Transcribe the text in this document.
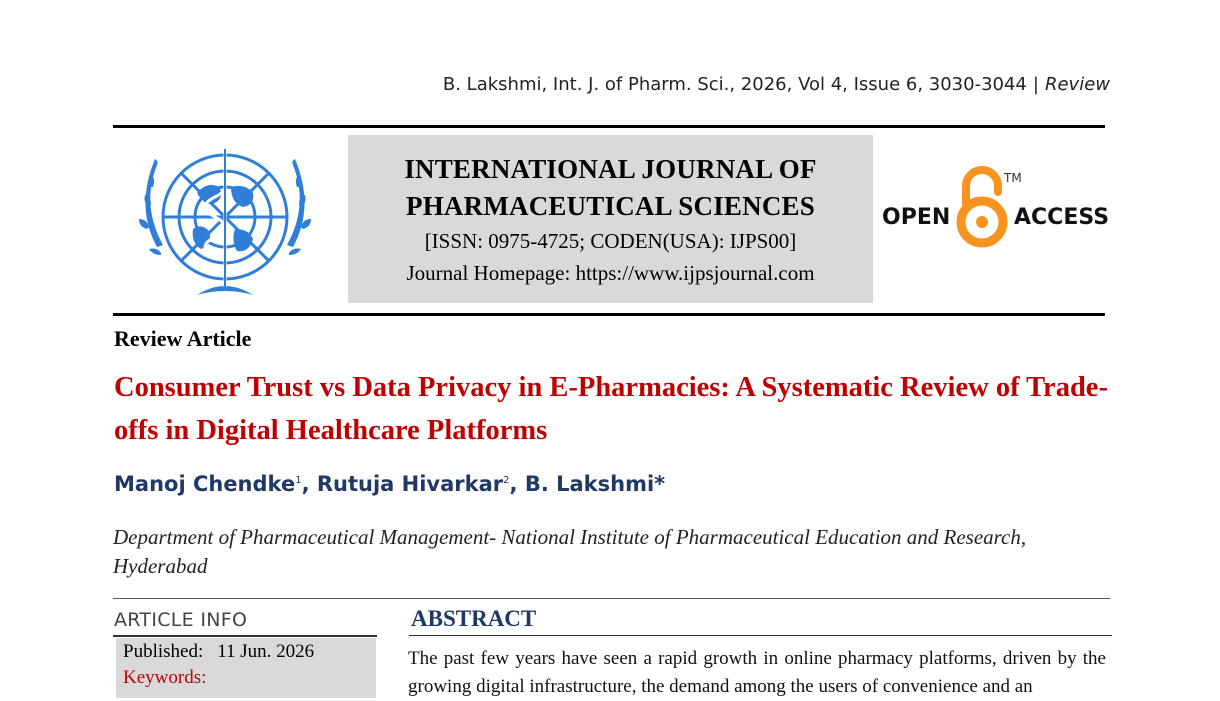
B. Lakshmi, Int. J. of Pharm. Sci., 2026, Vol 4, Issue 6, 3030-3044 | Review
INTERNATIONAL JOURNAL OF
PHARMACEUTICAL SCIENCES
[ISSN: 0975-4725; CODEN(USA): IJPS00]
Journal Homepage: https://www.ijpsjournal.com
OPEN	ACCESS
TM
Review Article
Consumer Trust vs Data Privacy in E-Pharmacies: A Systematic Review of Trade-offs in Digital Healthcare Platforms
Manoj Chendke$^1$, Rutuja Hivarkar$^2$, B. Lakshmi*
Department of Pharmaceutical Management- National Institute of Pharmaceutical Education and Research, Hyderabad
ARTICLE INFO
Published: 11 Jun. 2026
Keywords:
ABSTRACT
The past few years have seen a rapid growth in online pharmacy platforms, driven by the growing digital infrastructure, the demand among the users of convenience and an
